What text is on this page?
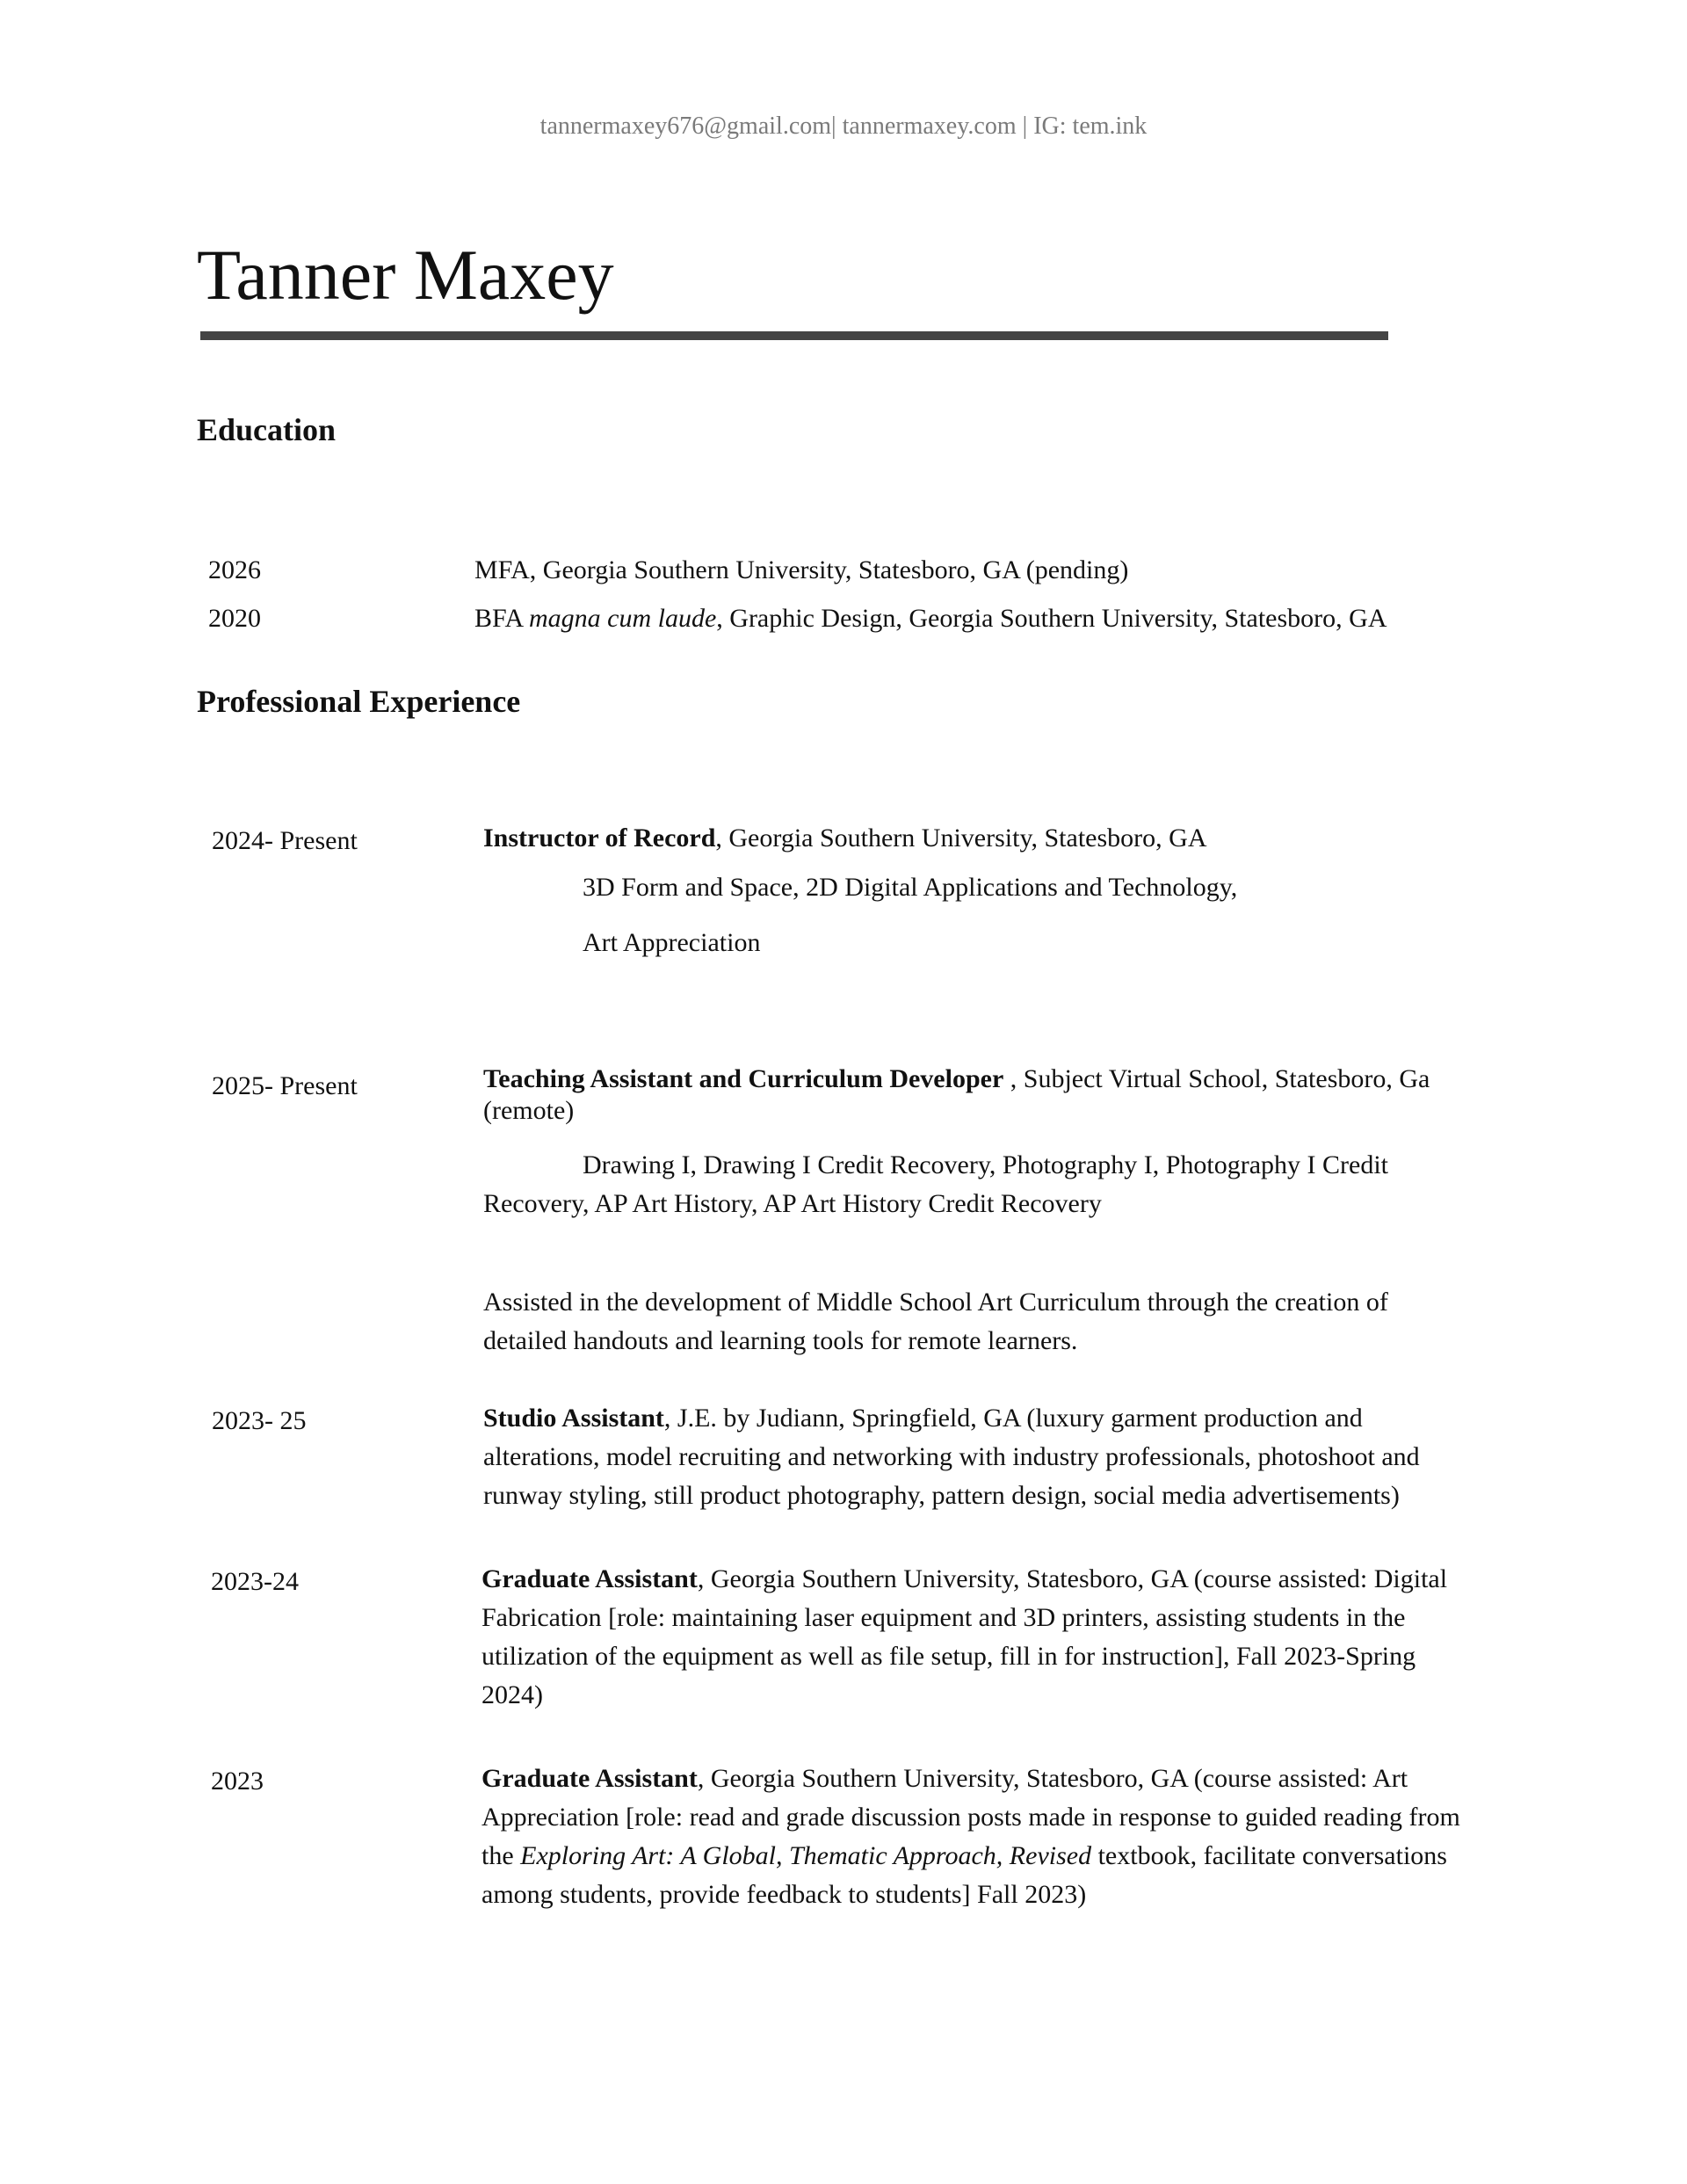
tannermaxey676@gmail.com| tannermaxey.com | IG: tem.ink
Tanner Maxey
Education
2026	MFA, Georgia Southern University, Statesboro, GA (pending)
2020	BFA magna cum laude, Graphic Design, Georgia Southern University, Statesboro, GA
Professional Experience
2024- Present	Instructor of Record, Georgia Southern University, Statesboro, GA
3D Form and Space, 2D Digital Applications and Technology,
Art Appreciation
2025- Present	Teaching Assistant and Curriculum Developer , Subject Virtual School, Statesboro, Ga (remote)
Drawing I, Drawing I Credit Recovery, Photography I, Photography I Credit
Recovery, AP Art History, AP Art History Credit Recovery
Assisted in the development of Middle School Art Curriculum through the creation of detailed handouts and learning tools for remote learners.
2023- 25	Studio Assistant, J.E. by Judiann, Springfield, GA (luxury garment production and alterations, model recruiting and networking with industry professionals, photoshoot and runway styling, still product photography, pattern design, social media advertisements)
2023-24	Graduate Assistant, Georgia Southern University, Statesboro, GA (course assisted: Digital Fabrication [role: maintaining laser equipment and 3D printers, assisting students in the utilization of the equipment as well as file setup, fill in for instruction], Fall 2023-Spring 2024)
2023	Graduate Assistant, Georgia Southern University, Statesboro, GA (course assisted: Art Appreciation [role: read and grade discussion posts made in response to guided reading from the Exploring Art: A Global, Thematic Approach, Revised textbook, facilitate conversations among students, provide feedback to students] Fall 2023)
